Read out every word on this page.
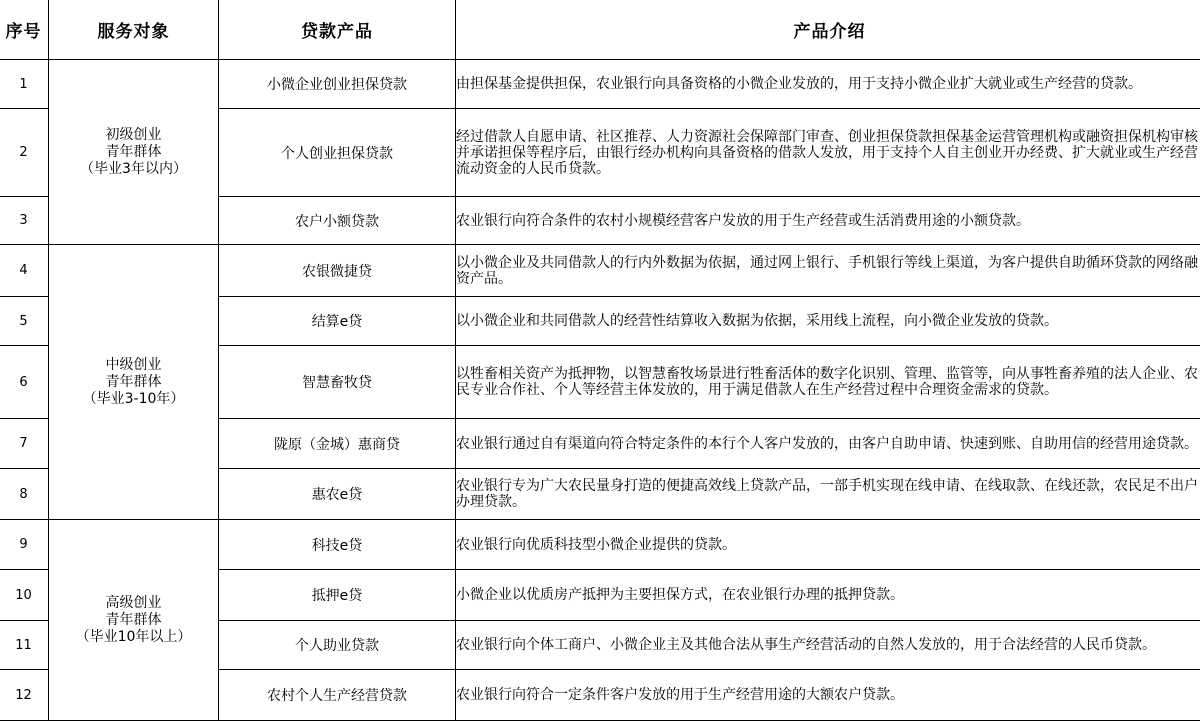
序号	服务对象	贷款产品	产品介绍
1	初级创业
青年群体
（毕业3年以内）	小微企业创业担保贷款	由担保基金提供担保，农业银行向具备资格的小微企业发放的，用于支持小微企业扩大就业或生产经营的贷款。
2		个人创业担保贷款	经过借款人自愿申请、社区推荐、人力资源社会保障部门审查、创业担保贷款担保基金运营管理机构或融资担保机构审核并承诺担保等程序后，由银行经办机构向具备资格的借款人发放，用于支持个人自主创业开办经费、扩大就业或生产经营流动资金的人民币贷款。
3		农户小额贷款	农业银行向符合条件的农村小规模经营客户发放的用于生产经营或生活消费用途的小额贷款。
4	中级创业
青年群体
（毕业3-10年）	农银微捷贷	以小微企业及共同借款人的行内外数据为依据，通过网上银行、手机银行等线上渠道，为客户提供自助循环贷款的网络融资产品。
5		结算e贷	以小微企业和共同借款人的经营性结算收入数据为依据，采用线上流程，向小微企业发放的贷款。
6		智慧畜牧贷	以牲畜相关资产为抵押物，以智慧畜牧场景进行牲畜活体的数字化识别、管理、监管等，向从事牲畜养殖的法人企业、农民专业合作社、个人等经营主体发放的，用于满足借款人在生产经营过程中合理资金需求的贷款。
7		陇原（金城）惠商贷	农业银行通过自有渠道向符合特定条件的本行个人客户发放的，由客户自助申请、快速到账、自助用信的经营用途贷款。
8		惠农e贷	农业银行专为广大农民量身打造的便捷高效线上贷款产品，一部手机实现在线申请、在线取款、在线还款，农民足不出户办理贷款。
9	高级创业
青年群体
（毕业10年以上）	科技e贷	农业银行向优质科技型小微企业提供的贷款。
10		抵押e贷	小微企业以优质房产抵押为主要担保方式，在农业银行办理的抵押贷款。
11		个人助业贷款	农业银行向个体工商户、小微企业主及其他合法从事生产经营活动的自然人发放的，用于合法经营的人民币贷款。
12		农村个人生产经营贷款	农业银行向符合一定条件客户发放的用于生产经营用途的大额农户贷款。
